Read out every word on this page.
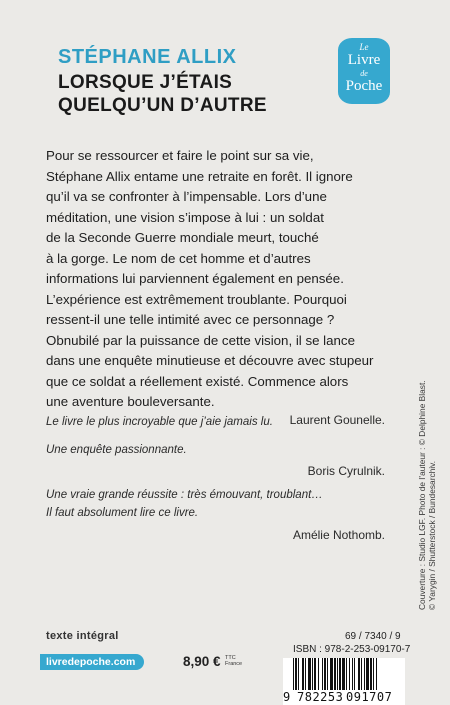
STÉPHANE ALLIX
LORSQUE J’ÉTAIS
QUELQU’UN D’AUTRE
Le
Livre
de
Poche
Pour se ressourcer et faire le point sur sa vie,
Stéphane Allix entame une retraite en forêt. Il ignore
qu’il va se confronter à l’impensable. Lors d’une
méditation, une vision s’impose à lui : un soldat
de la Seconde Guerre mondiale meurt, touché
à la gorge. Le nom de cet homme et d’autres
informations lui parviennent également en pensée.
L’expérience est extrêmement troublante. Pourquoi
ressent-il une telle intimité avec ce personnage ?
Obnubilé par la puissance de cette vision, il se lance
dans une enquête minutieuse et découvre avec stupeur
que ce soldat a réellement existé. Commence alors
une aventure bouleversante.
Le livre le plus incroyable que j’aie jamais lu. Laurent Gounelle.
Une enquête passionnante.
Boris Cyrulnik.
Une vraie grande réussite : très émouvant, troublant…
Il faut absolument lire ce livre.
Amélie Nothomb.	Couverture : Studio LGF. Photo de l’auteur : © Delphine Blast. © Yarygin / Shutterstock / Bundesarchiv.
texte intégral
livredepoche.com	8,90 € TTC
France
69 / 7340 / 9
ISBN : 978-2-253-09170-7
9 782253 091707
